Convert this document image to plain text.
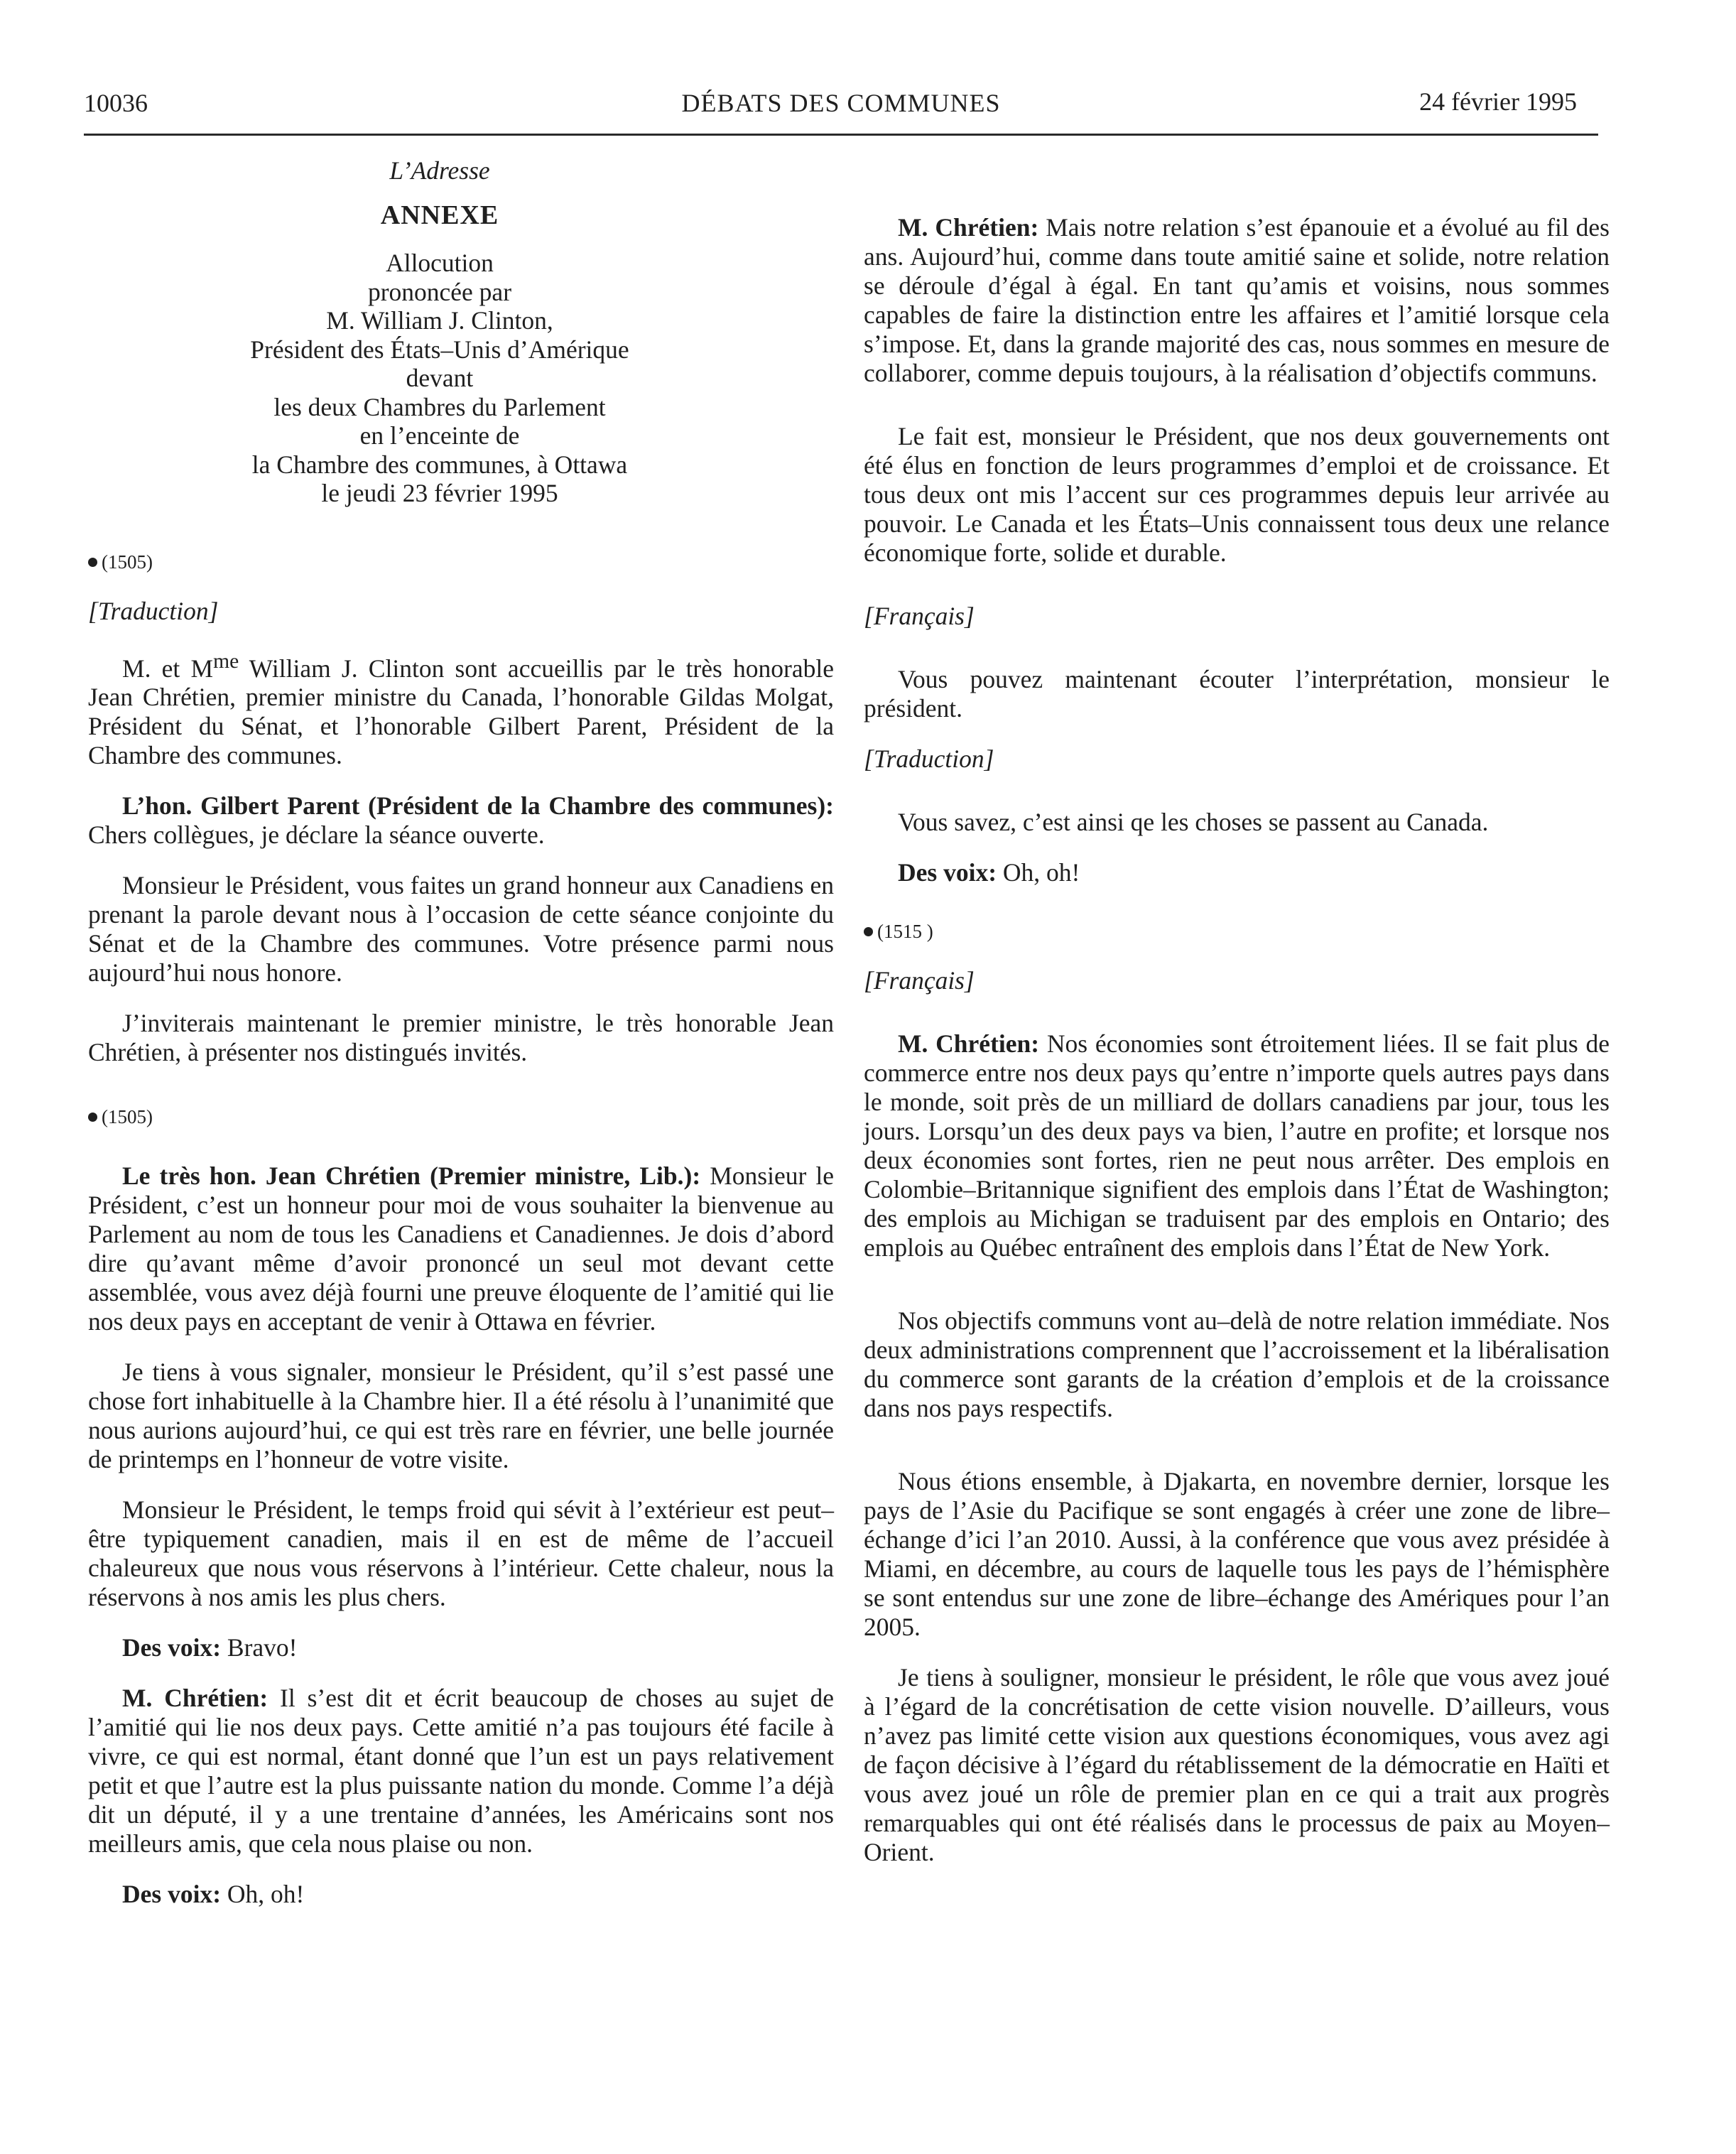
10036	DÉBATS DES COMMUNES	24 février 1995

L’Adresse

ANNEXE

Allocution

prononcée par

M. William J. Clinton,

Président des États–Unis d’Amérique

devant

les deux Chambres du Parlement

en l’enceinte de

la Chambre des communes, à Ottawa

le jeudi 23 février 1995

(1505)

[Traduction]

M. et $M^{me}$ William J. Clinton sont accueillis par le très honorable Jean Chrétien, premier ministre du Canada, l’honorable Gildas Molgat, Président du Sénat, et l’honorable Gilbert Parent, Président de la Chambre des communes.

L’hon. Gilbert Parent (Président de la Chambre des communes): Chers collègues, je déclare la séance ouverte.

Monsieur le Président, vous faites un grand honneur aux Canadiens en prenant la parole devant nous à l’occasion de cette séance conjointe du Sénat et de la Chambre des communes. Votre présence parmi nous aujourd’hui nous honore.

J’inviterais maintenant le premier ministre, le très honorable Jean Chrétien, à présenter nos distingués invités.

(1505)

Le très hon. Jean Chrétien (Premier ministre, Lib.): Monsieur le Président, c’est un honneur pour moi de vous souhaiter la bienvenue au Parlement au nom de tous les Canadiens et Canadiennes. Je dois d’abord dire qu’avant même d’avoir prononcé un seul mot devant cette assemblée, vous avez déjà fourni une preuve éloquente de l’amitié qui lie nos deux pays en acceptant de venir à Ottawa en février.

Je tiens à vous signaler, monsieur le Président, qu’il s’est passé une chose fort inhabituelle à la Chambre hier. Il a été résolu à l’unanimité que nous aurions aujourd’hui, ce qui est très rare en février, une belle journée de printemps en l’honneur de votre visite.

Monsieur le Président, le temps froid qui sévit à l’extérieur est peut–être typiquement canadien, mais il en est de même de l’accueil chaleureux que nous vous réservons à l’intérieur. Cette chaleur, nous la réservons à nos amis les plus chers.

Des voix: Bravo!

M. Chrétien: Il s’est dit et écrit beaucoup de choses au sujet de l’amitié qui lie nos deux pays. Cette amitié n’a pas toujours été facile à vivre, ce qui est normal, étant donné que l’un est un pays relativement petit et que l’autre est la plus puissante nation du monde. Comme l’a déjà dit un député, il y a une trentaine d’années, les Américains sont nos meilleurs amis, que cela nous plaise ou non.

Des voix: Oh, oh!

M. Chrétien: Mais notre relation s’est épanouie et a évolué au fil des ans. Aujourd’hui, comme dans toute amitié saine et solide, notre relation se déroule d’égal à égal. En tant qu’amis et voisins, nous sommes capables de faire la distinction entre les affaires et l’amitié lorsque cela s’impose. Et, dans la grande majorité des cas, nous sommes en mesure de collaborer, comme depuis toujours, à la réalisation d’objectifs communs.

Le fait est, monsieur le Président, que nos deux gouvernements ont été élus en fonction de leurs programmes d’emploi et de croissance. Et tous deux ont mis l’accent sur ces programmes depuis leur arrivée au pouvoir. Le Canada et les États–Unis connaissent tous deux une relance économique forte, solide et durable.

[Français]

Vous pouvez maintenant écouter l’interprétation, monsieur le président.

[Traduction]

Vous savez, c’est ainsi qe les choses se passent au Canada.

Des voix: Oh, oh!

(1515 )

[Français]

M. Chrétien: Nos économies sont étroitement liées. Il se fait plus de commerce entre nos deux pays qu’entre n’importe quels autres pays dans le monde, soit près de un milliard de dollars canadiens par jour, tous les jours. Lorsqu’un des deux pays va bien, l’autre en profite; et lorsque nos deux économies sont fortes, rien ne peut nous arrêter. Des emplois en Colombie–Britannique signifient des emplois dans l’État de Washington; des emplois au Michigan se traduisent par des emplois en Ontario; des emplois au Québec entraînent des emplois dans l’État de New York.

Nos objectifs communs vont au–delà de notre relation immédiate. Nos deux administrations comprennent que l’accroissement et la libéralisation du commerce sont garants de la création d’emplois et de la croissance dans nos pays respectifs.

Nous étions ensemble, à Djakarta, en novembre dernier, lorsque les pays de l’Asie du Pacifique se sont engagés à créer une zone de libre–échange d’ici l’an 2010. Aussi, à la conférence que vous avez présidée à Miami, en décembre, au cours de laquelle tous les pays de l’hémisphère se sont entendus sur une zone de libre–échange des Amériques pour l’an 2005.

Je tiens à souligner, monsieur le président, le rôle que vous avez joué à l’égard de la concrétisation de cette vision nouvelle. D’ailleurs, vous n’avez pas limité cette vision aux questions économiques, vous avez agi de façon décisive à l’égard du rétablissement de la démocratie en Haïti et vous avez joué un rôle de premier plan en ce qui a trait aux progrès remarquables qui ont été réalisés dans le processus de paix au Moyen–Orient.
